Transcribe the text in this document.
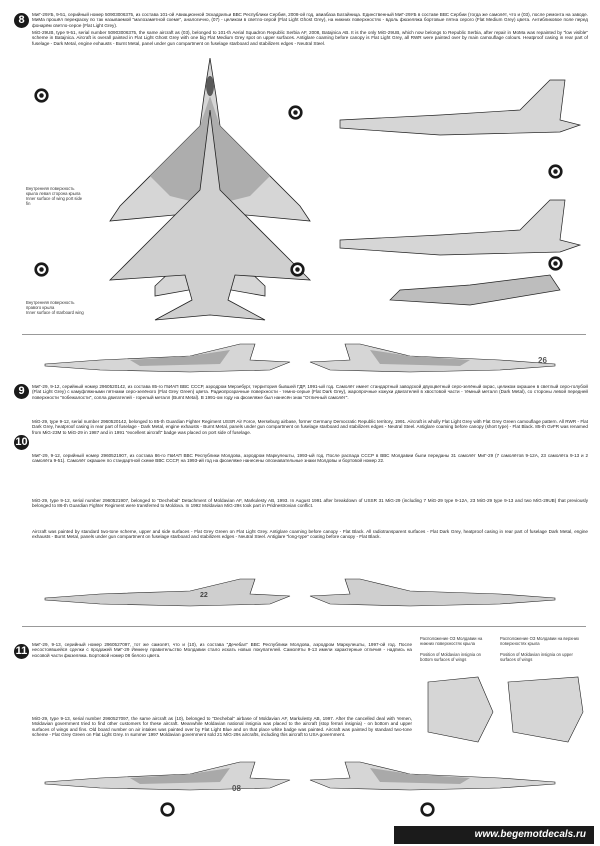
8	МиГ-29УБ, 9-51, серийный номер 50903006375, из состава 101-ой Авиационной Эскадрильи ВВС Республики Сербия, 2008-ой год, авиабаза Батайница. Единственный МиГ-29УБ в составе ВВС Сербии (тогда же самолёт, что и (03), после ремонта на заводе. МиМа прошёл перекраску по так называемой "малозаметной схеме", аналогично, (07) - целиком в светло-серой (Flat Light Ghost Grey), на нижних поверхностях - вдоль фюзеляжа бортовые пятна серого (Flat Medium Grey) цвета. Антибликовое поле перед фонарём светло-серое (Flat Light Grey).

MiG-29UB, type 9-51, serial number 50903006375, the same aircraft as (03), belonged to 101-th Aerial Squadron Republic Serbia AF, 2008, Batajnica AB. It is the only MiG-29UB, which now belongs to Republic Serbia, after repair in MoMa was repainted by "low visible" scheme in Batajnica. Aircraft is overall painted in Flat Light Ghost Grey with one big Flat Medium Grey spot on upper surfaces. Antiglare coaming before canopy is Flat Light Grey, all RWR were painted over by main camouflage colours. Heatproof casing in rear part of fuselage - Dark Metal, engine exhausts - Burnt Metal, panel under gun compartment on fuselage starboard and stabilizers edges - Neutral Steel.

Внутренняя поверхность крыла левая сторона крыла

Inner surface of wing port side fin

Внутренняя поверхность правого крыла

Inner surface of starboard wing

26
9	МиГ-29, 9-12, серийный номер 2960520142, из состава 85-го ГвИАП ВВС СССР, аэродром Мерзебург, территория бывшей ГДР, 1991-ый год. Самолёт имеет стандартный заводской двухцветный серо-зелёный окрас, целиком окрашен в светлый серо-голубой (Flat Light Grey) с камуфляжными пятнами серо-зелёного (Flat Grey Green) цвета. Радиопрозрачные поверхности - темно-серые (Flat Dark Grey), жаропрочные кожухи двигателей в хвостовой части - тёмный металл (Dark Metal), со стороны левой передней поверхности "побежалости", сопла двигателей - горелый металл (Burnt Metal). В 1991-ом году на фюзеляже был нанесён знак "Отличный самолёт".

MiG-29, type 9-12, serial number 2960520142, belonged to 85-th Guardian Fighter Regiment USSR Air Force, Merseburg airbase, former Germany Democratic Republic territory, 1991. Aircraft is wholly Flat Light Grey with Flat Grey Green camouflage pattern. All RWR - Flat Dark Grey, heatproof casing in rear part of fuselage - Dark Metal, engine exhausts - Burnt Metal, panels under gun compartment on fuselage starboard and stabilizers edges - Neutral Steel. Antiglare coaming before canopy (short type) - Flat Black. 85-th GvFR was renamed from MiG-23M to MiG-29 in 1987 and in 1991 "excellent aircraft" badge was placed on port side of fuselage.

10

МиГ-29, 9-12, серийный номер 2960521907, из состава 86-го ГвИАП ВВС Республики Молдова, аэродром Маркулешты, 1993-ый год. После распада СССР в ВВС Молдавии были переданы 31 самолёт МиГ-29 (7 самолётов 9-12А, 23 самолёта 9-13 и 2 самолёта 9-51). Самолёт окрашен по стандартной схеме ВВС СССР, на 1993-ий год на фюзеляже нанесены опознавательные знаки Молдовы и бортовой номер 22.

MiG-29, type 9-12, serial number 2960521907, belonged to "Dechebal" Detachment of Moldavian AF, Markulesty AB, 1993. In August 1991 after breakdown of USSR 31 MiG-29 (including 7 MiG-29 type 9-12A, 23 MiG-29 type 9-13 and two MiG-29UB) that previously belonged to 86-th Guardian Fighter Regiment were transferred to Moldova. In 1992 Moldavian MiG-29s took part in Pridnestrovian conflict.

Aircraft was painted by standard two-tone scheme, upper and side surfaces - Flat Grey Green on Flat Light Grey. Antiglare coaming before canopy - Flat Black. All radiotransparent surfaces - Flat Dark Grey, heatproof casing in rear part of fuselage Dark Metal, engine exhausts - Burnt Metal, panels under gun compartment on fuselage starboard and stabilizers edges - Neutral Steel. Antiglare "long-type" coating before canopy - Flat Black.

22
11

МиГ-29, 9-13, серийный номер 2960527097, тот же самолёт, что и (10), из состава "Дечебал" ВВС Республики Молдова, аэродром Маркулешты, 1997-ой год. После несостоявшейся сделки с продажей МиГ-29 Йемену правительство Молдавии стало искать новых покупателей. Самолёты 9-13 имели характерные отличия - надпись на носовой части фюзеляжа. Бортовой номер 08 белого цвета.

MiG-29, type 9-13, serial number 2960527097, the same aircraft as (10), belonged to "Dechebal" airbase of Moldavian AF, Markulesty AB, 1997. After the cancelled deal with Yemen, Moldavian government tried to find other customers for these aircraft. Meanwhile Moldavian national insignia was placed to the aircraft (stop ferrari insignia) - on bottom and upper surfaces of wings and fins. Old board number on air intakes was painted over by Flat Light Blue and on that place white badge was painted. Aircraft was painted by standard two-tone scheme - Flat Grey Green on Flat Light Grey. In summer 1997 Moldavian government sold 21 MiG-29s aircrafts, including this aircraft to USA government.

Расположение ОЗ Молдавии на нижних поверхностях крыла

Position of Moldavian insignia on bottom surfaces of wings

Расположение ОЗ Молдавии на верхних поверхностях крыла

Position of Moldavian insignia on upper surfaces of wings

08
www.begemotdecals.ru
